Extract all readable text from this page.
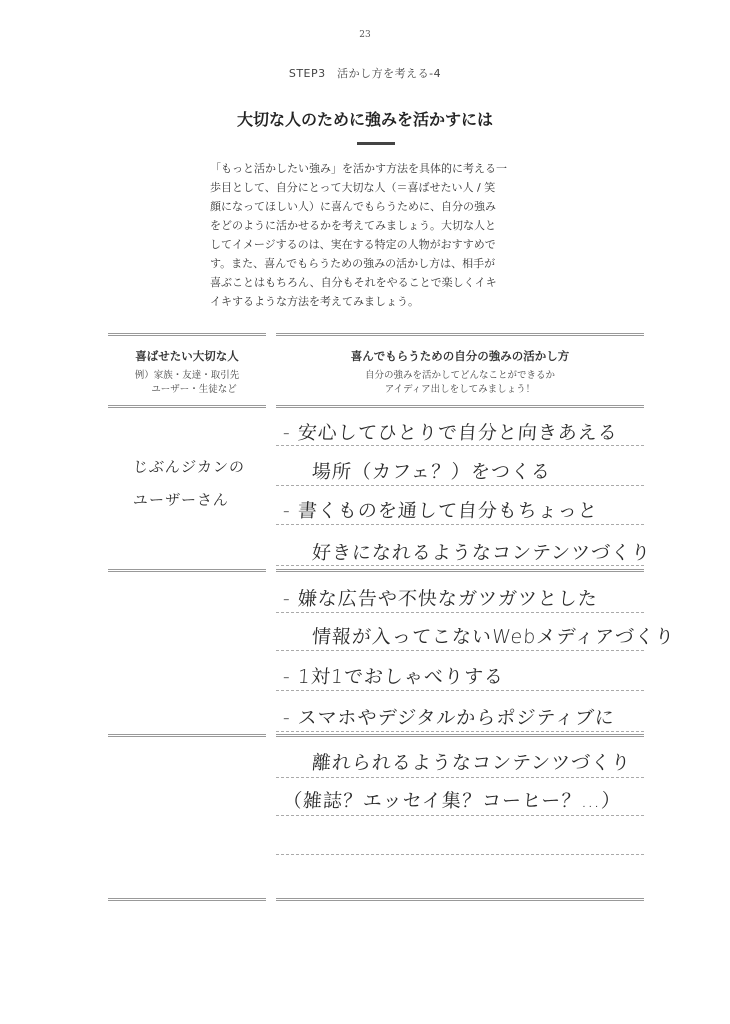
23
STEP3　活かし方を考える-4
大切な人のために強みを活かすには

「もっと活かしたい強み」を活かす方法を具体的に考える一
歩目として、自分にとって大切な人（＝喜ばせたい人 / 笑
顔になってほしい人）に喜んでもらうために、自分の強み
をどのように活かせるかを考えてみましょう。大切な人と
してイメージするのは、実在する特定の人物がおすすめで
す。また、喜んでもらうための強みの活かし方は、相手が
喜ぶことはもちろん、自分もそれをやることで楽しくイキ
イキするような方法を考えてみましょう。

喜ばせたい大切な人
例）家族・友達・取引先
ユーザー・生徒など
喜んでもらうための自分の強みの活かし方
自分の強みを活かしてどんなことができるか
アイディア出しをしてみましょう！
じぶんジカンの
ユーザーさん
- 安心してひとりで自分と向きあえる
場所（カフェ？）をつくる
- 書くものを通して自分もちょっと
好きになれるようなコンテンツづくり
- 嫌な広告や不快なガツガツとした
情報が入ってこないWebメディアづくり
- 1対1でおしゃべりする
- スマホやデジタルからポジティブに
離れられるようなコンテンツづくり
（雑誌？エッセイ集？コーヒー？…）
